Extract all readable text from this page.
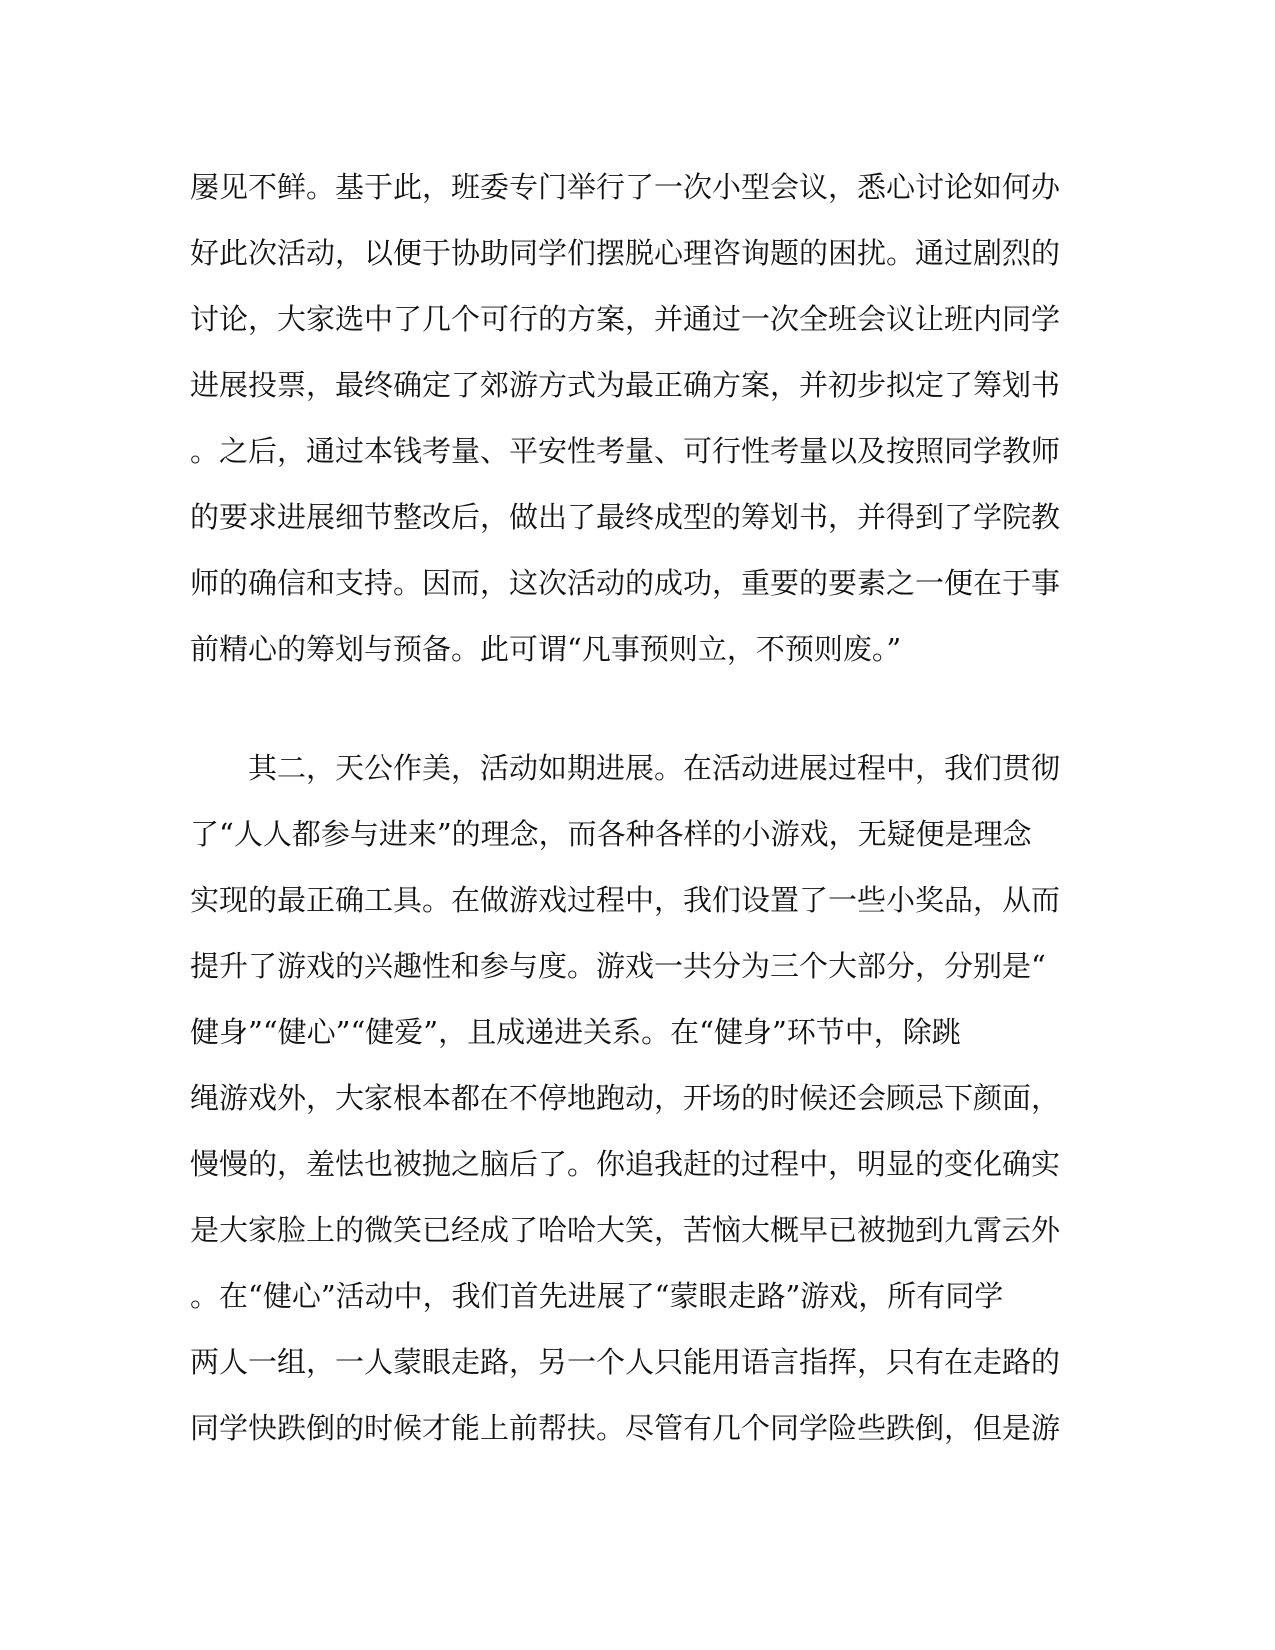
屡见不鲜。基于此，班委专门举行了一次小型会议，悉心讨论如何办
好此次活动，以便于协助同学们摆脱心理咨询题的困扰。通过剧烈的
讨论，大家选中了几个可行的方案，并通过一次全班会议让班内同学
进展投票，最终确定了郊游方式为最正确方案，并初步拟定了筹划书
。之后，通过本钱考量、平安性考量、可行性考量以及按照同学教师
的要求进展细节整改后，做出了最终成型的筹划书，并得到了学院教
师的确信和支持。因而，这次活动的成功，重要的要素之一便在于事
前精心的筹划与预备。此可谓“凡事预则立，不预则废。”
　　其二，天公作美，活动如期进展。在活动进展过程中，我们贯彻
了“人人都参与进来”的理念，而各种各样的小游戏，无疑便是理念
实现的最正确工具。在做游戏过程中，我们设置了一些小奖品，从而
提升了游戏的兴趣性和参与度。游戏一共分为三个大部分，分别是“
健身”“健心”“健爱”，且成递进关系。在“健身”环节中，除跳
绳游戏外，大家根本都在不停地跑动，开场的时候还会顾忌下颜面，
慢慢的，羞怯也被抛之脑后了。你追我赶的过程中，明显的变化确实
是大家脸上的微笑已经成了哈哈大笑，苦恼大概早已被抛到九霄云外
。在“健心”活动中，我们首先进展了“蒙眼走路”游戏，所有同学
两人一组，一人蒙眼走路，另一个人只能用语言指挥，只有在走路的
同学快跌倒的时候才能上前帮扶。尽管有几个同学险些跌倒，但是游
